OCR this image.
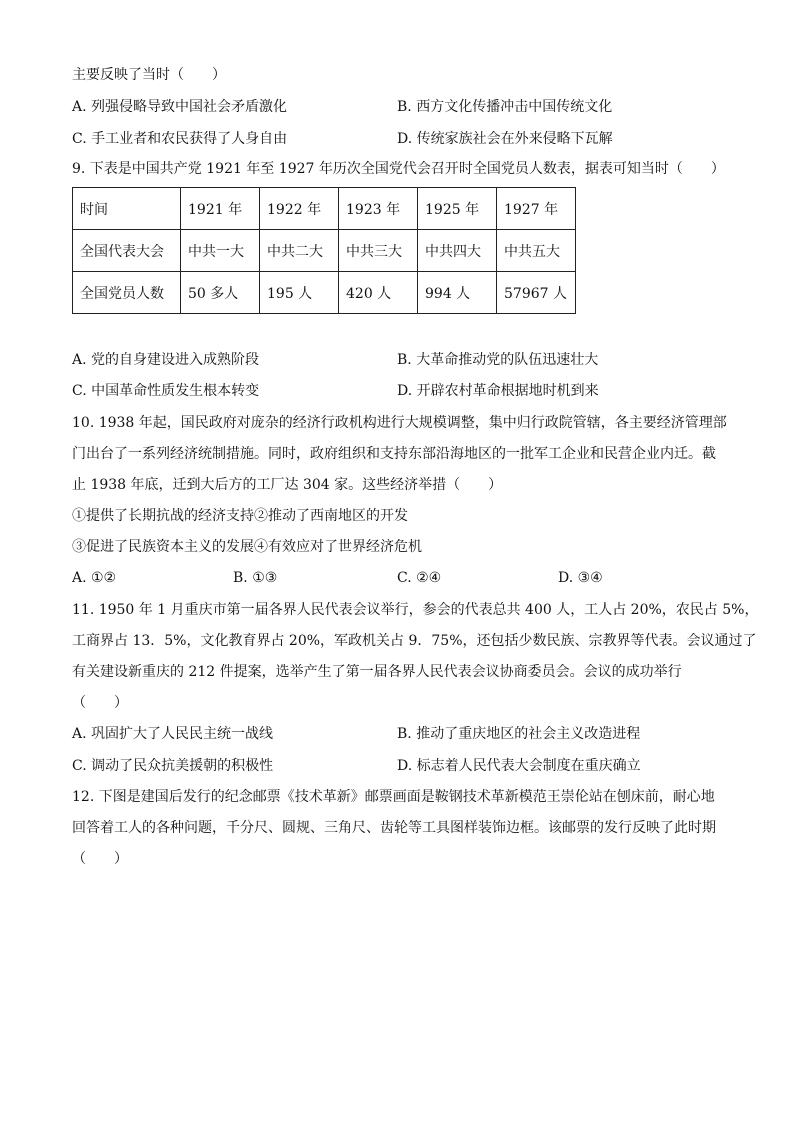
主要反映了当时（　　）
A. 列强侵略导致中国社会矛盾激化	B. 西方文化传播冲击中国传统文化
C. 手工业者和农民获得了人身自由	D. 传统家族社会在外来侵略下瓦解
9. 下表是中国共产党 1921 年至 1927 年历次全国党代会召开时全国党员人数表，据表可知当时（　　）
时间	1921 年	1922 年	1923 年	1925 年	1927 年
全国代表大会	中共一大	中共二大	中共三大	中共四大	中共五大
全国党员人数	50 多人	195 人	420 人	994 人	57967 人
A. 党的自身建设进入成熟阶段	B. 大革命推动党的队伍迅速壮大
C. 中国革命性质发生根本转变	D. 开辟农村革命根据地时机到来
10. 1938 年起，国民政府对庞杂的经济行政机构进行大规模调整，集中归行政院管辖，各主要经济管理部
门出台了一系列经济统制措施。同时，政府组织和支持东部沿海地区的一批军工企业和民营企业内迁。截
止 1938 年底，迁到大后方的工厂达 304 家。这些经济举措（　　）
①提供了长期抗战的经济支持②推动了西南地区的开发
③促进了民族资本主义的发展④有效应对了世界经济危机
A. ①②	B. ①③	C. ②④	D. ③④
11. 1950 年 1 月重庆市第一届各界人民代表会议举行，参会的代表总共 400 人，工人占 20%，农民占 5%，
工商界占 13．5%，文化教育界占 20%，军政机关占 9．75%，还包括少数民族、宗教界等代表。会议通过了
有关建设新重庆的 212 件提案，选举产生了第一届各界人民代表会议协商委员会。会议的成功举行
（　　）
A. 巩固扩大了人民民主统一战线	B. 推动了重庆地区的社会主义改造进程
C. 调动了民众抗美援朝的积极性	D. 标志着人民代表大会制度在重庆确立
12. 下图是建国后发行的纪念邮票《技术革新》邮票画面是鞍钢技术革新模范王崇伦站在刨床前，耐心地
回答着工人的各种问题，千分尺、圆规、三角尺、齿轮等工具图样装饰边框。该邮票的发行反映了此时期
（　　）
